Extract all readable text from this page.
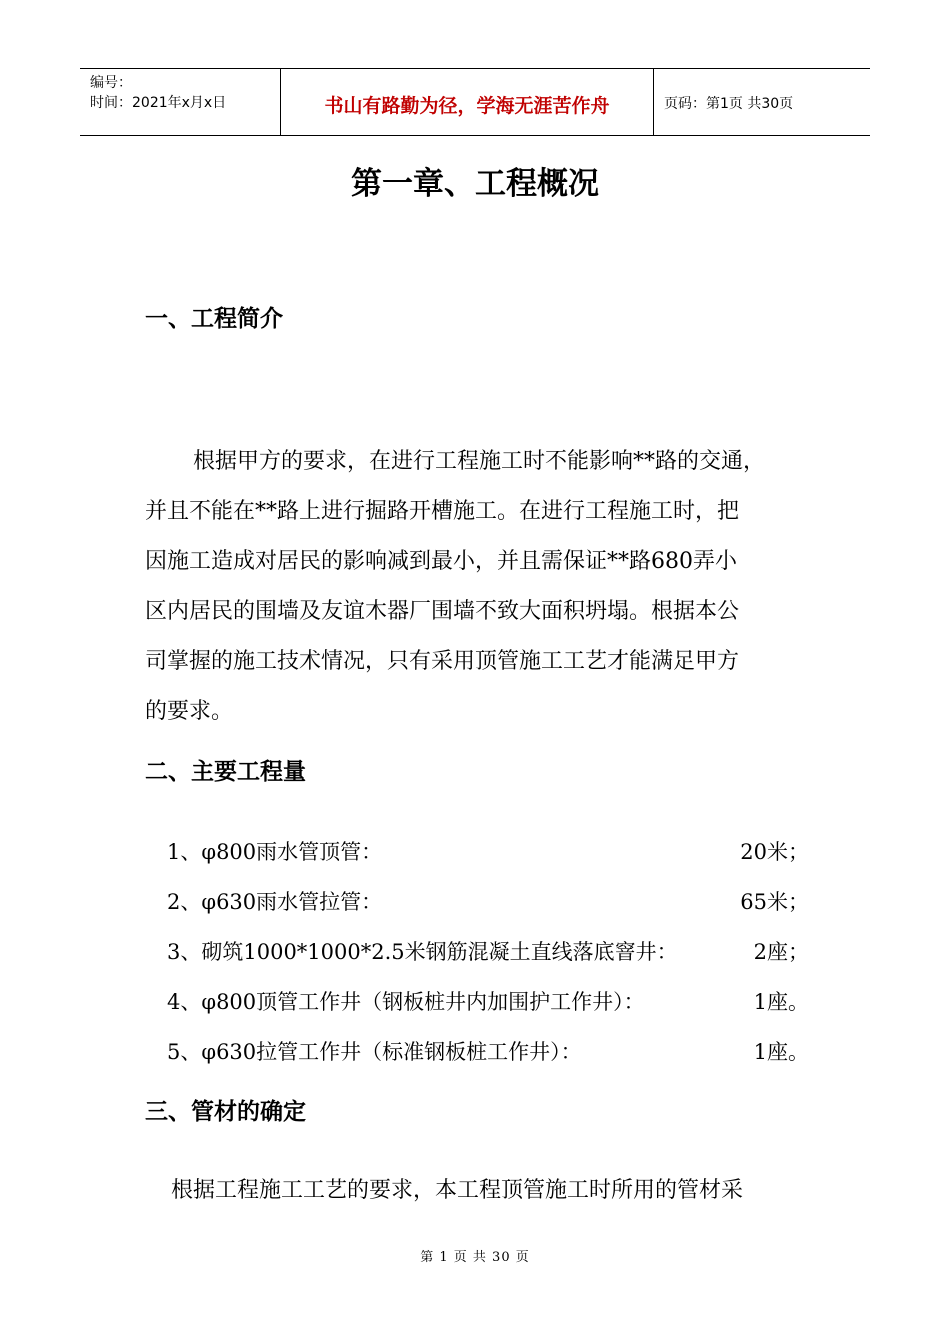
编号：
时间：2021年x月x日	书山有路勤为径，学海无涯苦作舟	页码：第1页 共30页
第一章、工程概况
一、工程简介
根据甲方的要求，在进行工程施工时不能影响**路的交通，
并且不能在**路上进行掘路开槽施工。在进行工程施工时，把
因施工造成对居民的影响减到最小，并且需保证**路680弄小
区内居民的围墙及友谊木器厂围墙不致大面积坍塌。根据本公
司掌握的施工技术情况，只有采用顶管施工工艺才能满足甲方
的要求。
二、主要工程量
1、φ800雨水管顶管：	20米；
2、φ630雨水管拉管：	65米；
3、砌筑1000*1000*2.5米钢筋混凝土直线落底窨井：	2座；
4、φ800顶管工作井（钢板桩井内加围护工作井）：	1座。
5、φ630拉管工作井（标准钢板桩工作井）：	1座。
三、管材的确定
根据工程施工工艺的要求，本工程顶管施工时所用的管材采
第 1 页 共 30 页
